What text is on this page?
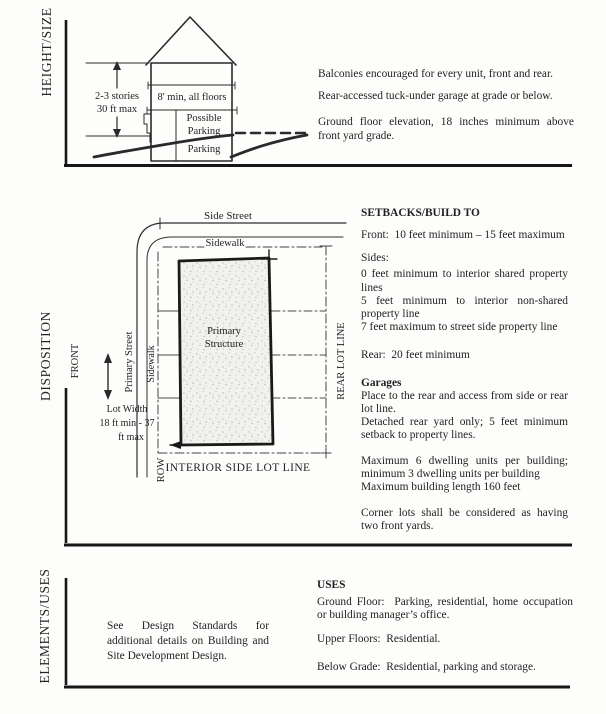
2-3 stories
30 ft max
8' min, all floors
Possible
Parking
Parking
Side Street
Sidewalk
Primary
Structure
FRONT	Primary Street Sidewalk	REAR LOT LINE
ROW
Lot Width
18 ft min - 37
ft max
INTERIOR SIDE LOT LINE
HEIGHT/SIZE
DISPOSITION
ELEMENTS/USES

Balconies encouraged for every unit, front and rear.

Rear-accessed tuck-under garage at grade or below.

Ground floor elevation, 18 inches minimum above

front yard grade.

SETBACKS/BUILD TO

Front:  10 feet minimum – 15 feet maximum

Sides:

0 feet minimum to interior shared property

lines

5 feet minimum to interior non-shared

property line

7 feet maximum to street side property line

Rear:  20 feet minimum

Garages

Place to the rear and access from side or rear

lot line.

Detached rear yard only; 5 feet minimum

setback to property lines.

Maximum 6 dwelling units per building;

minimum 3 dwelling units per building

Maximum building length 160 feet

Corner lots shall be considered as having

two front yards.

See Design Standards for

additional details on Building and

Site Development Design.

USES

Ground Floor:  Parking, residential, home occupation

or building manager’s office.

Upper Floors:  Residential.

Below Grade:  Residential, parking and storage.
